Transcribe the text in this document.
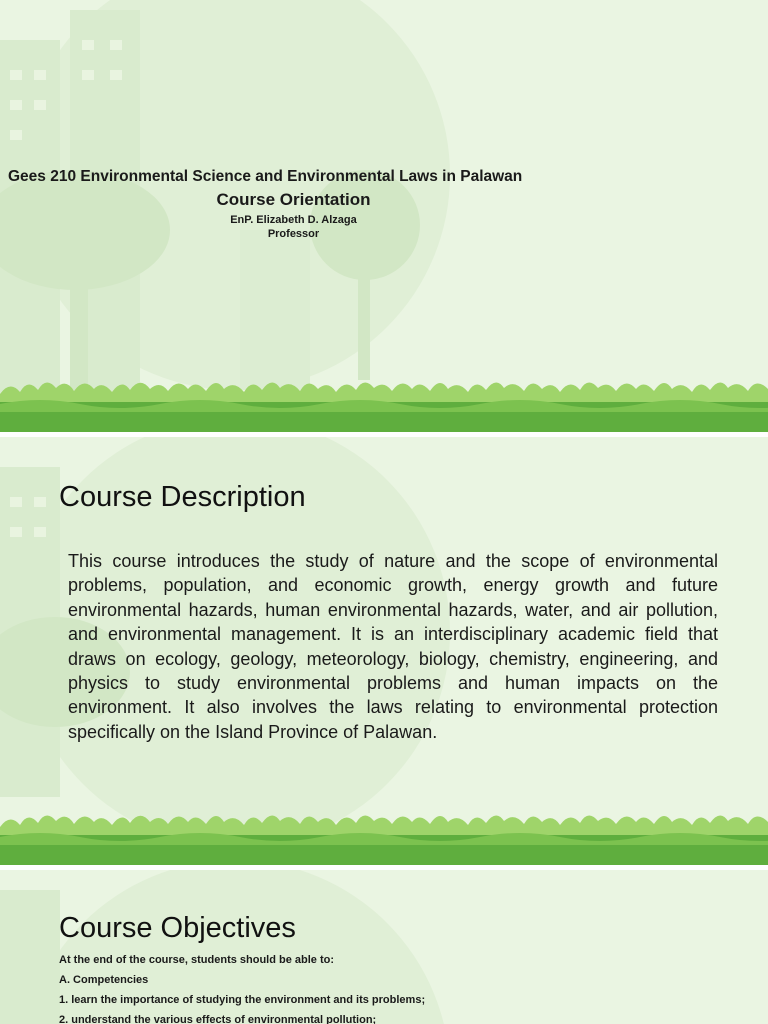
Gees 210 Environmental Science and Environmental Laws in Palawan
Course Orientation
EnP. Elizabeth D. Alzaga
Professor
Course Description
This course introduces the study of nature and the scope of environmental problems, population, and economic growth, energy growth and future environmental hazards, human environmental hazards, water, and air pollution, and environmental management. It is an interdisciplinary academic field that draws on ecology, geology, meteorology, biology, chemistry, engineering, and physics to study environmental problems and human impacts on the environment. It also involves the laws relating to environmental protection specifically on the Island Province of Palawan.
Course Objectives
At the end of the course, students should be able to:
A. Competencies
1. learn the importance of studying the environment and its problems;
2. understand the various effects of environmental pollution;
